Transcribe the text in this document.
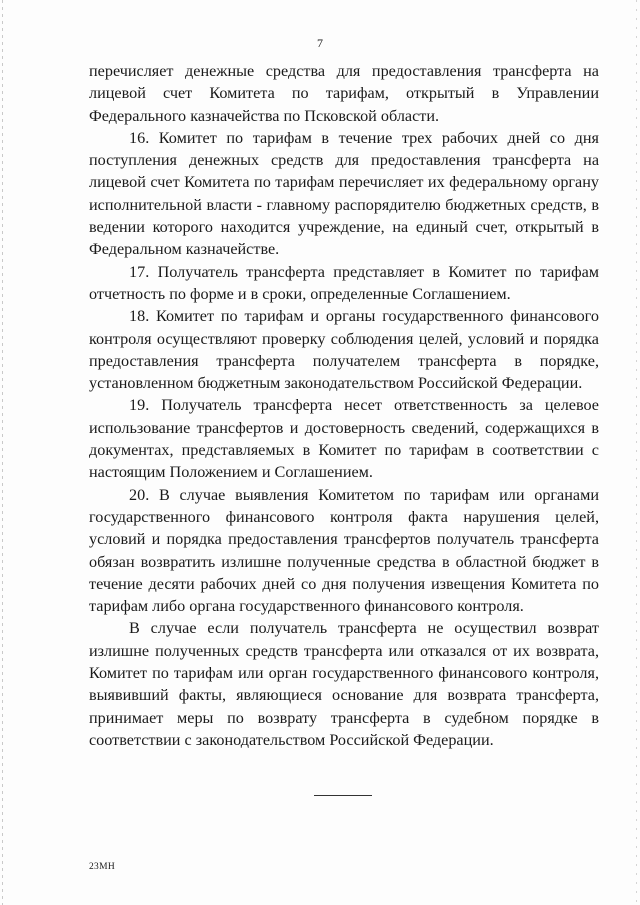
7

перечисляет денежные средства для предоставления трансферта на лицевой счет Комитета по тарифам, открытый в Управлении Федерального казначейства по Псковской области.

16. Комитет по тарифам в течение трех рабочих дней со дня поступления денежных средств для предоставления трансферта на лицевой счет Комитета по тарифам перечисляет их федеральному органу исполнительной власти - главному распорядителю бюджетных средств, в ведении которого находится учреждение, на единый счет, открытый в Федеральном казначействе.

17. Получатель трансферта представляет в Комитет по тарифам отчетность по форме и в сроки, определенные Соглашением.

18. Комитет по тарифам и органы государственного финансового контроля осуществляют проверку соблюдения целей, условий и порядка предоставления трансферта получателем трансферта в порядке, установленном бюджетным законодательством Российской Федерации.

19. Получатель трансферта несет ответственность за целевое использование трансфертов и достоверность сведений, содержащихся в документах, представляемых в Комитет по тарифам в соответствии с настоящим Положением и Соглашением.

20. В случае выявления Комитетом по тарифам или органами государственного финансового контроля факта нарушения целей, условий и порядка предоставления трансфертов получатель трансферта обязан возвратить излишне полученные средства в областной бюджет в течение десяти рабочих дней со дня получения извещения Комитета по тарифам либо органа государственного финансового контроля.

В случае если получатель трансферта не осуществил возврат излишне полученных средств трансферта или отказался от их возврата, Комитет по тарифам или орган государственного финансового контроля, выявивший факты, являющиеся основание для возврата трансферта, принимает меры по возврату трансферта в судебном порядке в соответствии с законодательством Российской Федерации.

23МН
